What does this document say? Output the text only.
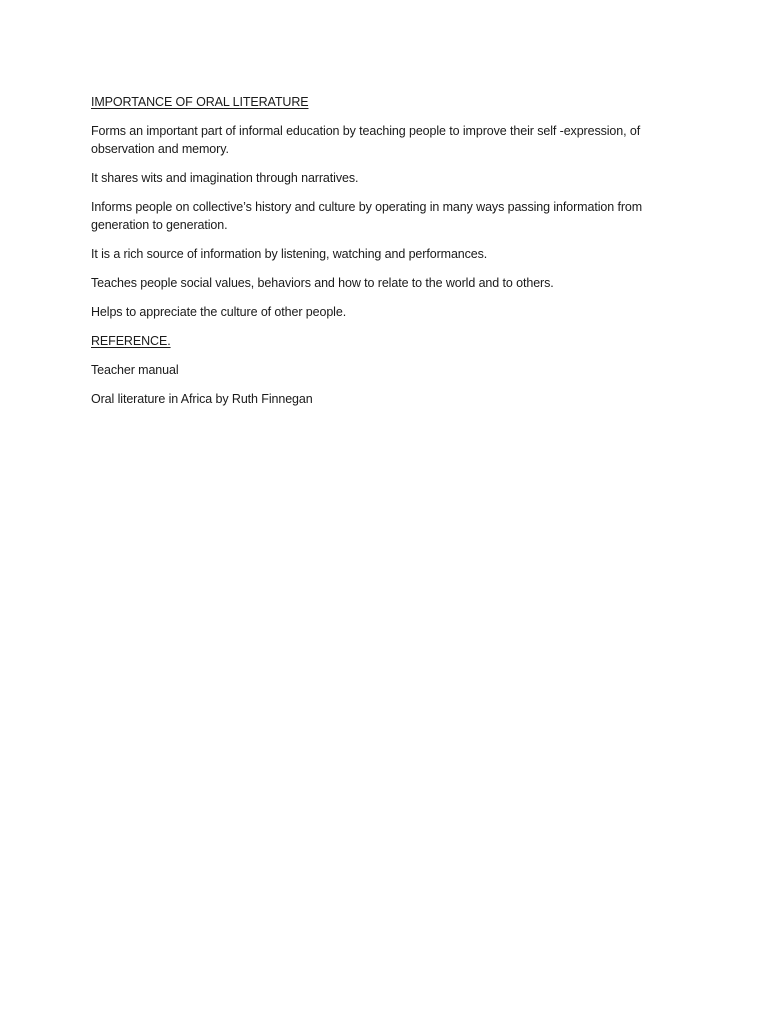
IMPORTANCE OF ORAL LITERATURE

Forms an important part of informal education by teaching people to improve their self -expression, of observation and memory.

It shares wits and imagination through narratives.

Informs people on collective’s history and culture by operating in many ways passing information from generation to generation.

It is a rich source of information by listening, watching and performances.

Teaches people social values, behaviors and how to relate to the world and to others.

Helps to appreciate the culture of other people.

REFERENCE.

Teacher manual

Oral literature in Africa by Ruth Finnegan
